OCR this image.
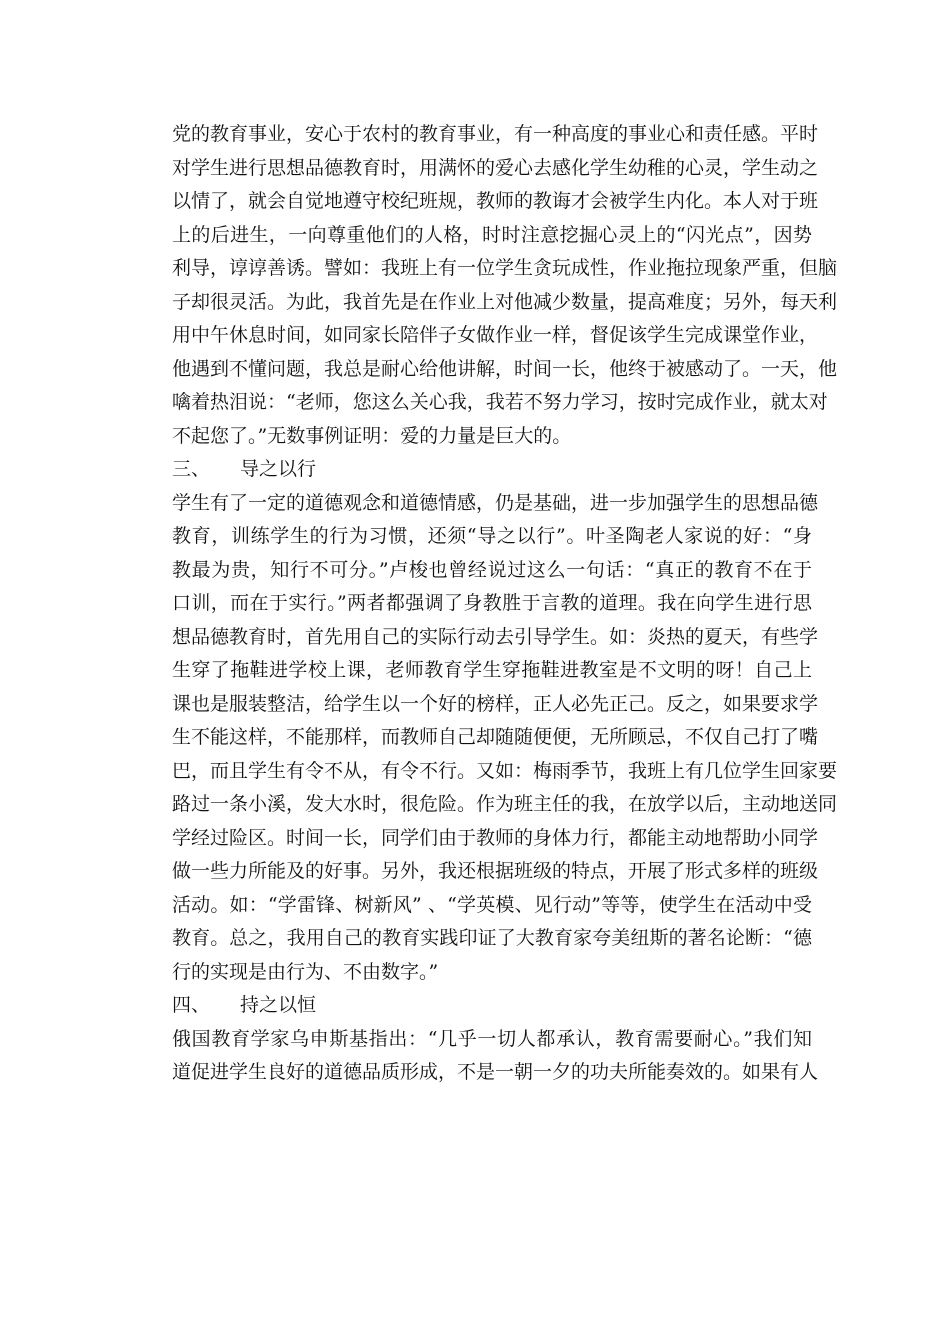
党的教育事业，安心于农村的教育事业，有一种高度的事业心和责任感。平时
对学生进行思想品德教育时，用满怀的爱心去感化学生幼稚的心灵，学生动之
以情了，就会自觉地遵守校纪班规，教师的教诲才会被学生内化。本人对于班
上的后进生，一向尊重他们的人格，时时注意挖掘心灵上的“闪光点”，因势
利导，谆谆善诱。譬如：我班上有一位学生贪玩成性，作业拖拉现象严重，但脑
子却很灵活。为此，我首先是在作业上对他减少数量，提高难度；另外，每天利
用中午休息时间，如同家长陪伴子女做作业一样，督促该学生完成课堂作业，
他遇到不懂问题，我总是耐心给他讲解，时间一长，他终于被感动了。一天，他
噙着热泪说：“老师，您这么关心我，我若不努力学习，按时完成作业，就太对
不起您了。”无数事例证明：爱的力量是巨大的。
三、	导之以行
学生有了一定的道德观念和道德情感，仍是基础，进一步加强学生的思想品德
教育，训练学生的行为习惯，还须“导之以行”。叶圣陶老人家说的好：“身
教最为贵，知行不可分。”卢梭也曾经说过这么一句话：“真正的教育不在于
口训，而在于实行。”两者都强调了身教胜于言教的道理。我在向学生进行思
想品德教育时，首先用自己的实际行动去引导学生。如：炎热的夏天，有些学
生穿了拖鞋进学校上课，老师教育学生穿拖鞋进教室是不文明的呀！自己上
课也是服装整洁，给学生以一个好的榜样，正人必先正己。反之，如果要求学
生不能这样，不能那样，而教师自己却随随便便，无所顾忌，不仅自己打了嘴
巴，而且学生有令不从，有令不行。又如：梅雨季节，我班上有几位学生回家要
路过一条小溪，发大水时，很危险。作为班主任的我，在放学以后，主动地送同
学经过险区。时间一长，同学们由于教师的身体力行，都能主动地帮助小同学
做一些力所能及的好事。另外，我还根据班级的特点，开展了形式多样的班级
活动。如：“学雷锋、树新风” 、“学英模、见行动”等等，使学生在活动中受
教育。总之，我用自己的教育实践印证了大教育家夸美纽斯的著名论断：“德
行的实现是由行为、不由数字。”
四、	持之以恒
俄国教育学家乌申斯基指出：“几乎一切人都承认，教育需要耐心。”我们知
道促进学生良好的道德品质形成，不是一朝一夕的功夫所能奏效的。如果有人
